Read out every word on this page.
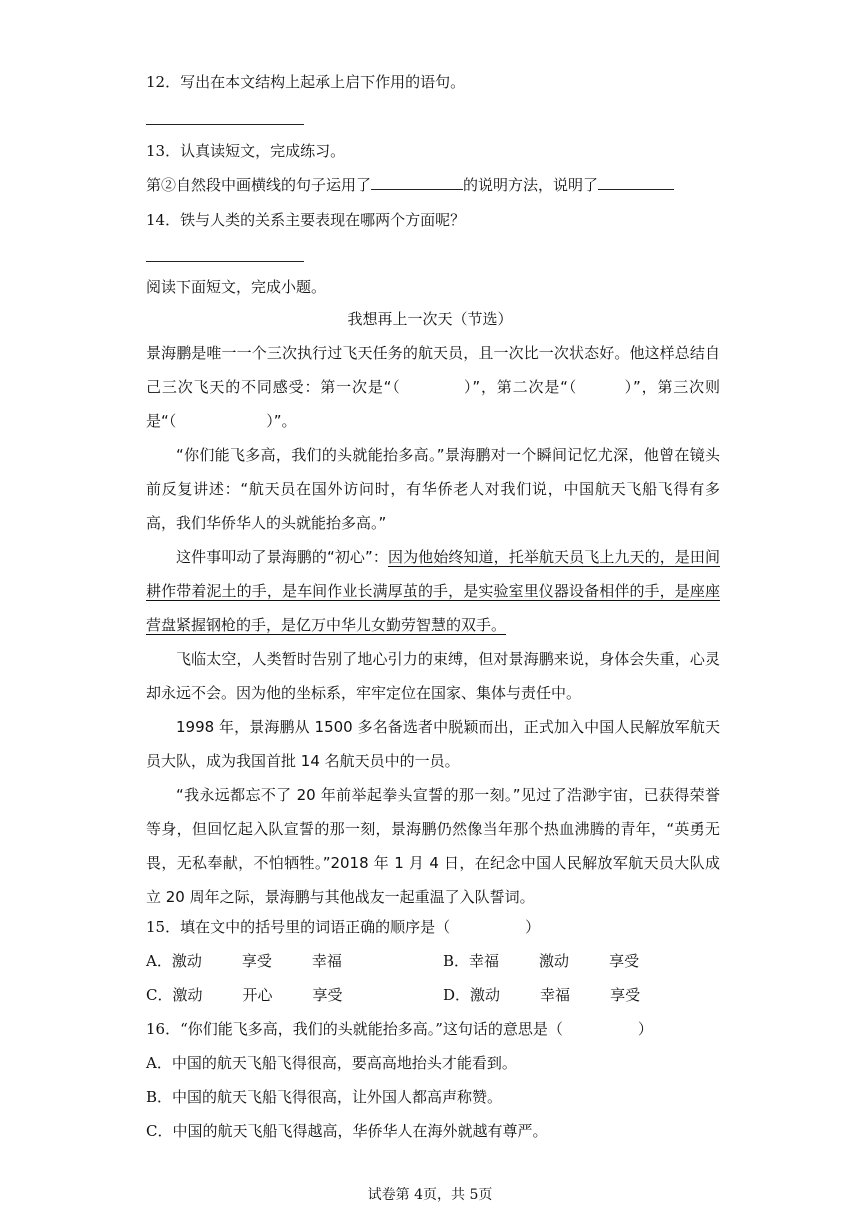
12．写出在本文结构上起承上启下作用的语句。
13．认真读短文，完成练习。
第②自然段中画横线的句子运用了	的说明方法，说明了
14．铁与人类的关系主要表现在哪两个方面呢？
阅读下面短文，完成小题。
我想再上一次天（节选）
景海鹏是唯一一个三次执行过飞天任务的航天员，且一次比一次状态好。他这样总结自己三次飞天的不同感受：第一次是“（　　　　）”，第二次是“（　　　）”，第三次则是“（　　　　　　）”。
“你们能飞多高，我们的头就能抬多高。”景海鹏对一个瞬间记忆尤深，他曾在镜头前反复讲述：“航天员在国外访问时，有华侨老人对我们说，中国航天飞船飞得有多高，我们华侨华人的头就能抬多高。”
这件事叩动了景海鹏的“初心”：因为他始终知道，托举航天员飞上九天的，是田间耕作带着泥土的手，是车间作业长满厚茧的手，是实验室里仪器设备相伴的手，是座座营盘紧握钢枪的手，是亿万中华儿女勤劳智慧的双手。
飞临太空，人类暂时告别了地心引力的束缚，但对景海鹏来说，身体会失重，心灵却永远不会。因为他的坐标系，牢牢定位在国家、集体与责任中。
1998 年，景海鹏从 1500 多名备选者中脱颖而出，正式加入中国人民解放军航天员大队，成为我国首批 14 名航天员中的一员。
“我永远都忘不了 20 年前举起拳头宣誓的那一刻。”见过了浩渺宇宙，已获得荣誉等身，但回忆起入队宣誓的那一刻，景海鹏仍然像当年那个热血沸腾的青年，“英勇无畏，无私奉献，不怕牺牲。”2018 年 1 月 4 日，在纪念中国人民解放军航天员大队成立 20 周年之际，景海鹏与其他战友一起重温了入队誓词。
15．填在文中的括号里的词语正确的顺序是（　　　　　）
A．激动	享受	幸福	B．幸福	激动	享受
C．激动	开心	享受	D．激动	幸福	享受
16．“你们能飞多高，我们的头就能抬多高。”这句话的意思是（　　　　　）
A．中国的航天飞船飞得很高，要高高地抬头才能看到。
B．中国的航天飞船飞得很高，让外国人都高声称赞。
C．中国的航天飞船飞得越高，华侨华人在海外就越有尊严。
试卷第 4页，共 5页
